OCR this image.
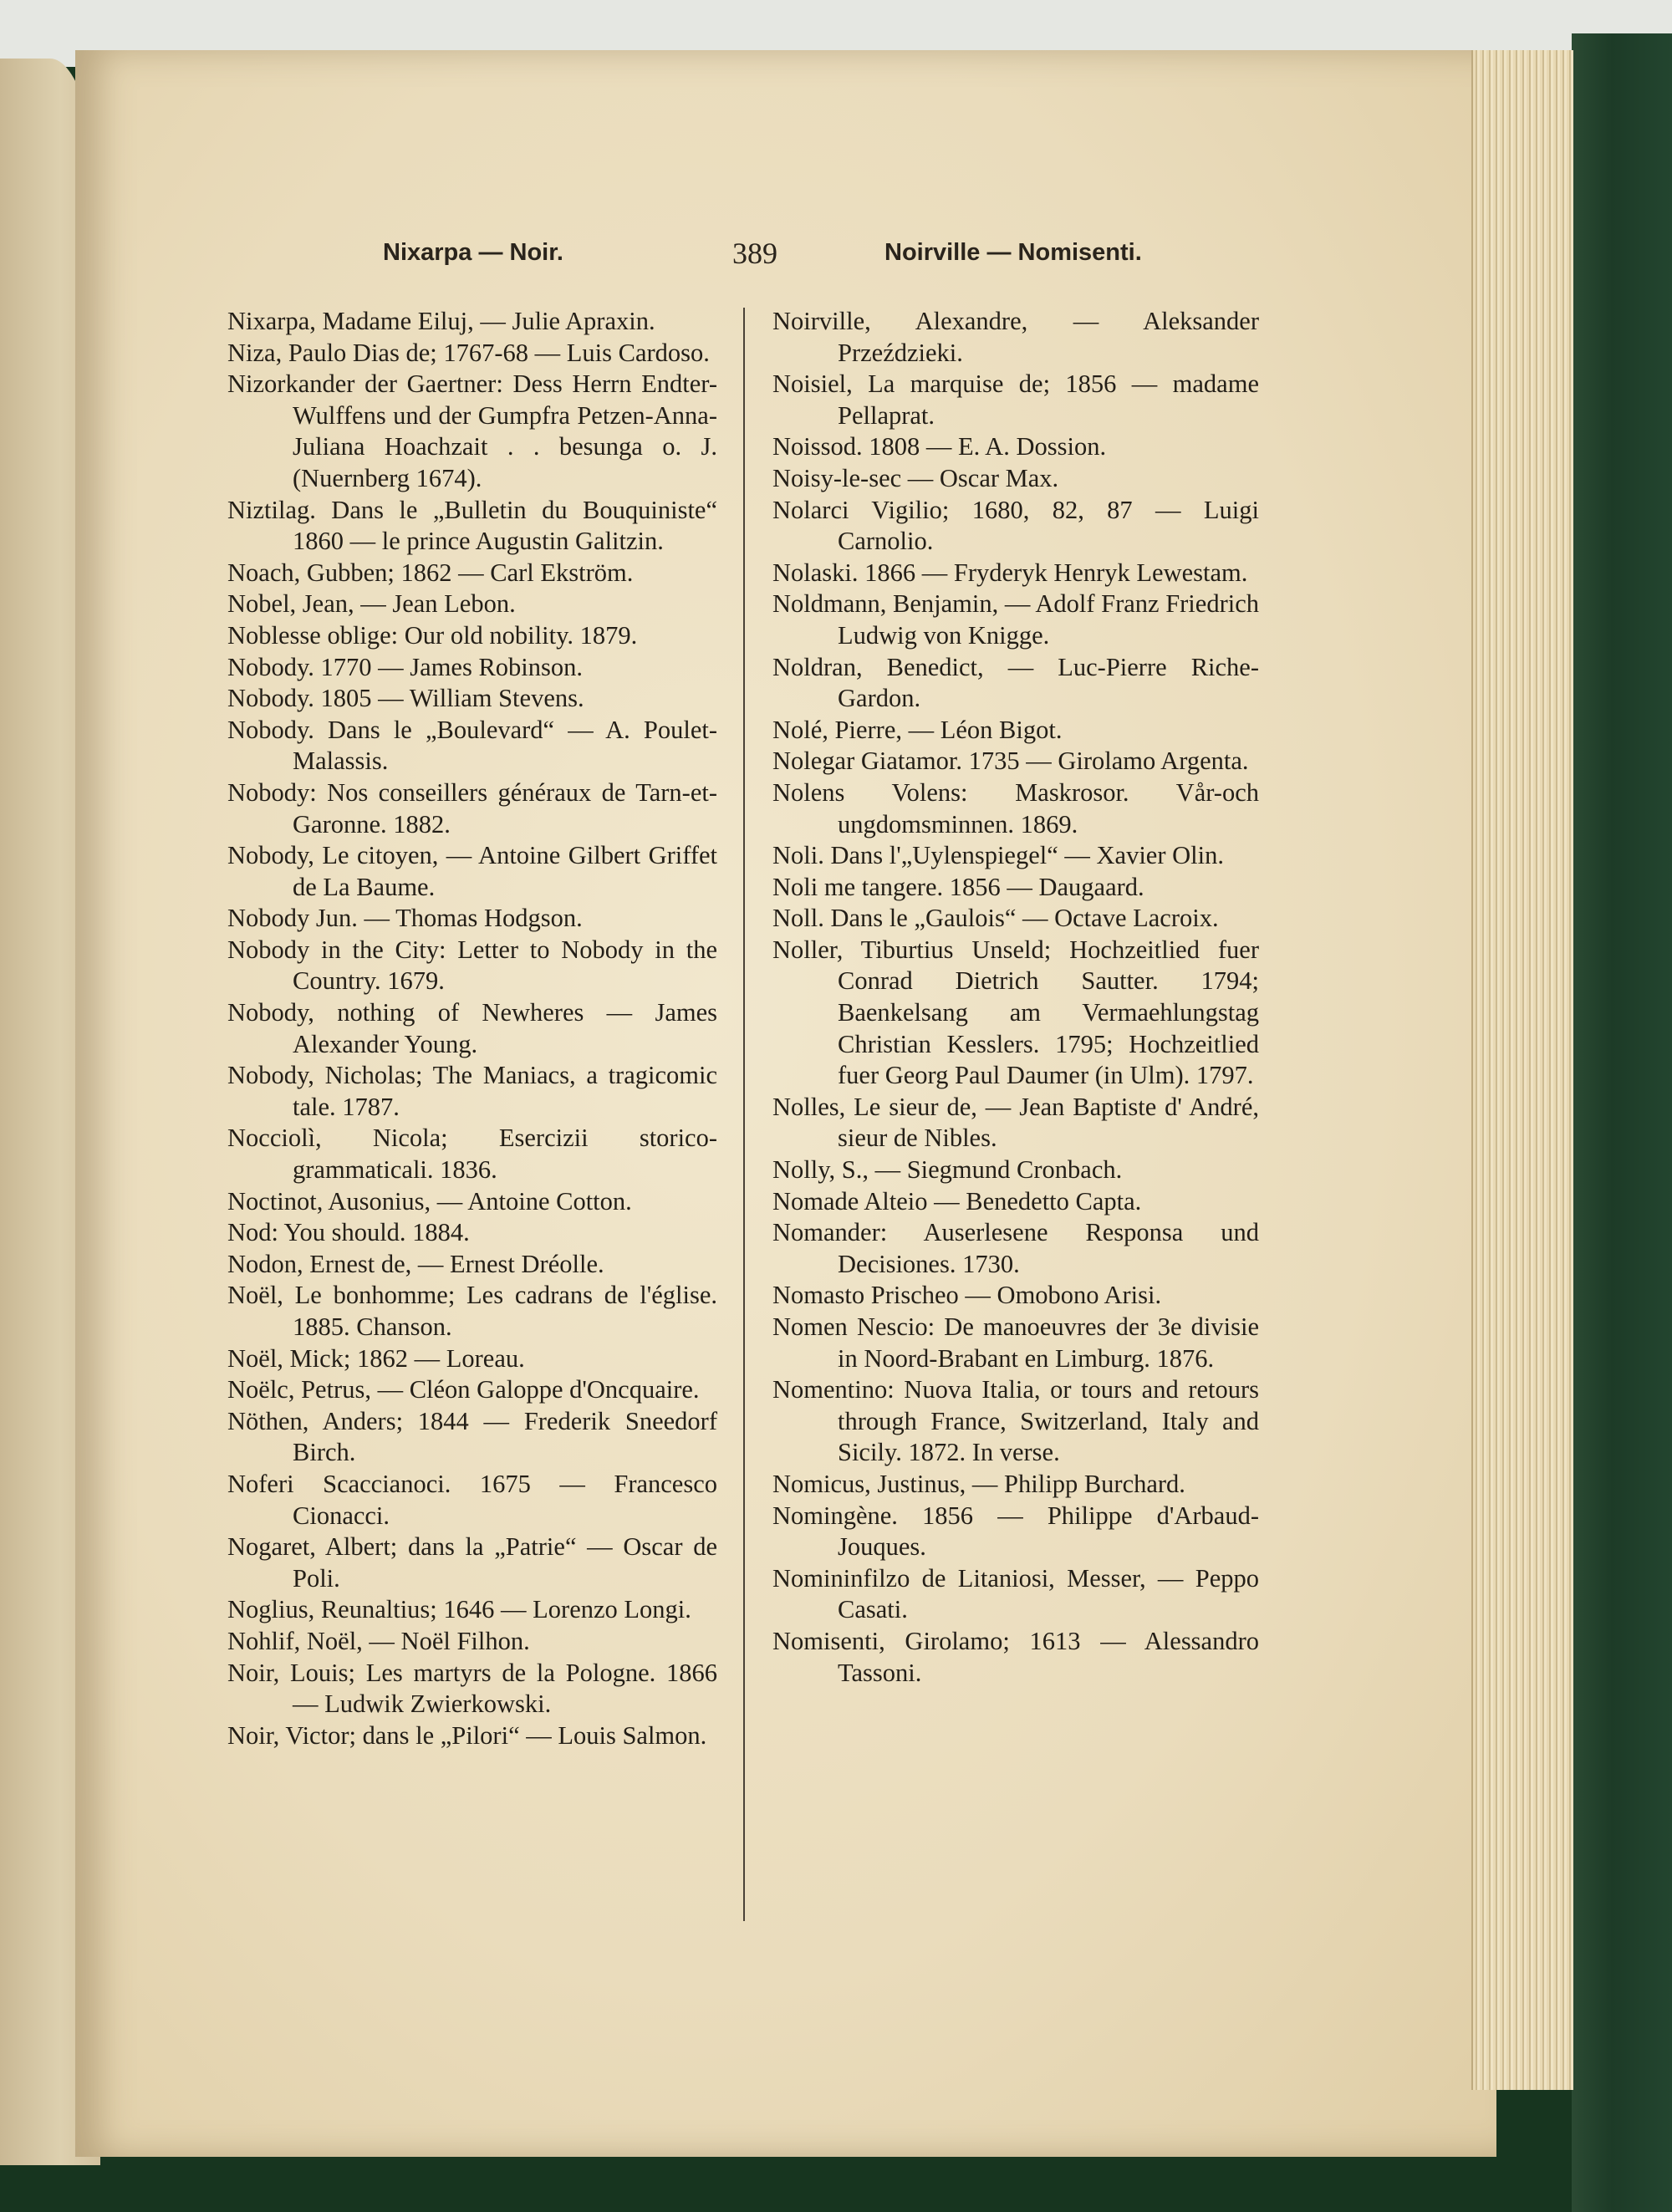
Nixarpa — Noir.	389	Noirville — Nomisenti.

Nixarpa, Madame Eiluj, — Julie Apraxin.

Niza, Paulo Dias de; 1767-68 — Luis Cardoso.

Nizorkander der Gaertner: Dess Herrn Endter-Wulffens und der Gumpfra Petzen-Anna-Juliana Hoachzait . . besunga o. J. (Nuernberg 1674).

Niztilag. Dans le „Bulletin du Bouquiniste“ 1860 — le prince Augustin Galitzin.

Noach, Gubben; 1862 — Carl Ekström.

Nobel, Jean, — Jean Lebon.

Noblesse oblige: Our old nobility. 1879.

Nobody. 1770 — James Robinson.

Nobody. 1805 — William Stevens.

Nobody. Dans le „Boulevard“ — A. Poulet-Malassis.

Nobody: Nos conseillers généraux de Tarn-et-Garonne. 1882.

Nobody, Le citoyen, — Antoine Gilbert Griffet de La Baume.

Nobody Jun. — Thomas Hodgson.

Nobody in the City: Letter to Nobody in the Country. 1679.

Nobody, nothing of Newheres — James Alexander Young.

Nobody, Nicholas; The Maniacs, a tragicomic tale. 1787.

Nocciolì, Nicola; Esercizii storico-grammaticali. 1836.

Noctinot, Ausonius, — Antoine Cotton.

Nod: You should. 1884.

Nodon, Ernest de, — Ernest Dréolle.

Noël, Le bonhomme; Les cadrans de l'église. 1885. Chanson.

Noël, Mick; 1862 — Loreau.

Noëlc, Petrus, — Cléon Galoppe d'Oncquaire.

Nöthen, Anders; 1844 — Frederik Sneedorf Birch.

Noferi Scaccianoci. 1675 — Francesco Cionacci.

Nogaret, Albert; dans la „Patrie“ — Oscar de Poli.

Noglius, Reunaltius; 1646 — Lorenzo Longi.

Nohlif, Noël, — Noël Filhon.

Noir, Louis; Les martyrs de la Pologne. 1866 — Ludwik Zwierkowski.

Noir, Victor; dans le „Pilori“ — Louis Salmon.

Noirville, Alexandre, — Aleksander Przeździeki.

Noisiel, La marquise de; 1856 — madame Pellaprat.

Noissod. 1808 — E. A. Dossion.

Noisy-le-sec — Oscar Max.

Nolarci Vigilio; 1680, 82, 87 — Luigi Carnolio.

Nolaski. 1866 — Fryderyk Henryk Lewestam.

Noldmann, Benjamin, — Adolf Franz Friedrich Ludwig von Knigge.

Noldran, Benedict, — Luc-Pierre Riche-Gardon.

Nolé, Pierre, — Léon Bigot.

Nolegar Giatamor. 1735 — Girolamo Argenta.

Nolens Volens: Maskrosor. Vår-och ungdomsminnen. 1869.

Noli. Dans l'„Uylenspiegel“ — Xavier Olin.

Noli me tangere. 1856 — Daugaard.

Noll. Dans le „Gaulois“ — Octave Lacroix.

Noller, Tiburtius Unseld; Hochzeitlied fuer Conrad Dietrich Sautter. 1794; Baenkelsang am Vermaehlungstag Christian Kesslers. 1795; Hochzeitlied fuer Georg Paul Daumer (in Ulm). 1797.

Nolles, Le sieur de, — Jean Baptiste d' André, sieur de Nibles.

Nolly, S., — Siegmund Cronbach.

Nomade Alteio — Benedetto Capta.

Nomander: Auserlesene Responsa und Decisiones. 1730.

Nomasto Prischeo — Omobono Arisi.

Nomen Nescio: De manoeuvres der 3e divisie in Noord-Brabant en Limburg. 1876.

Nomentino: Nuova Italia, or tours and retours through France, Switzerland, Italy and Sicily. 1872. In verse.

Nomicus, Justinus, — Philipp Burchard.

Nomingène. 1856 — Philippe d'Arbaud-Jouques.

Nomininfilzo de Litaniosi, Messer, — Peppo Casati.

Nomisenti, Girolamo; 1613 — Alessandro Tassoni.
